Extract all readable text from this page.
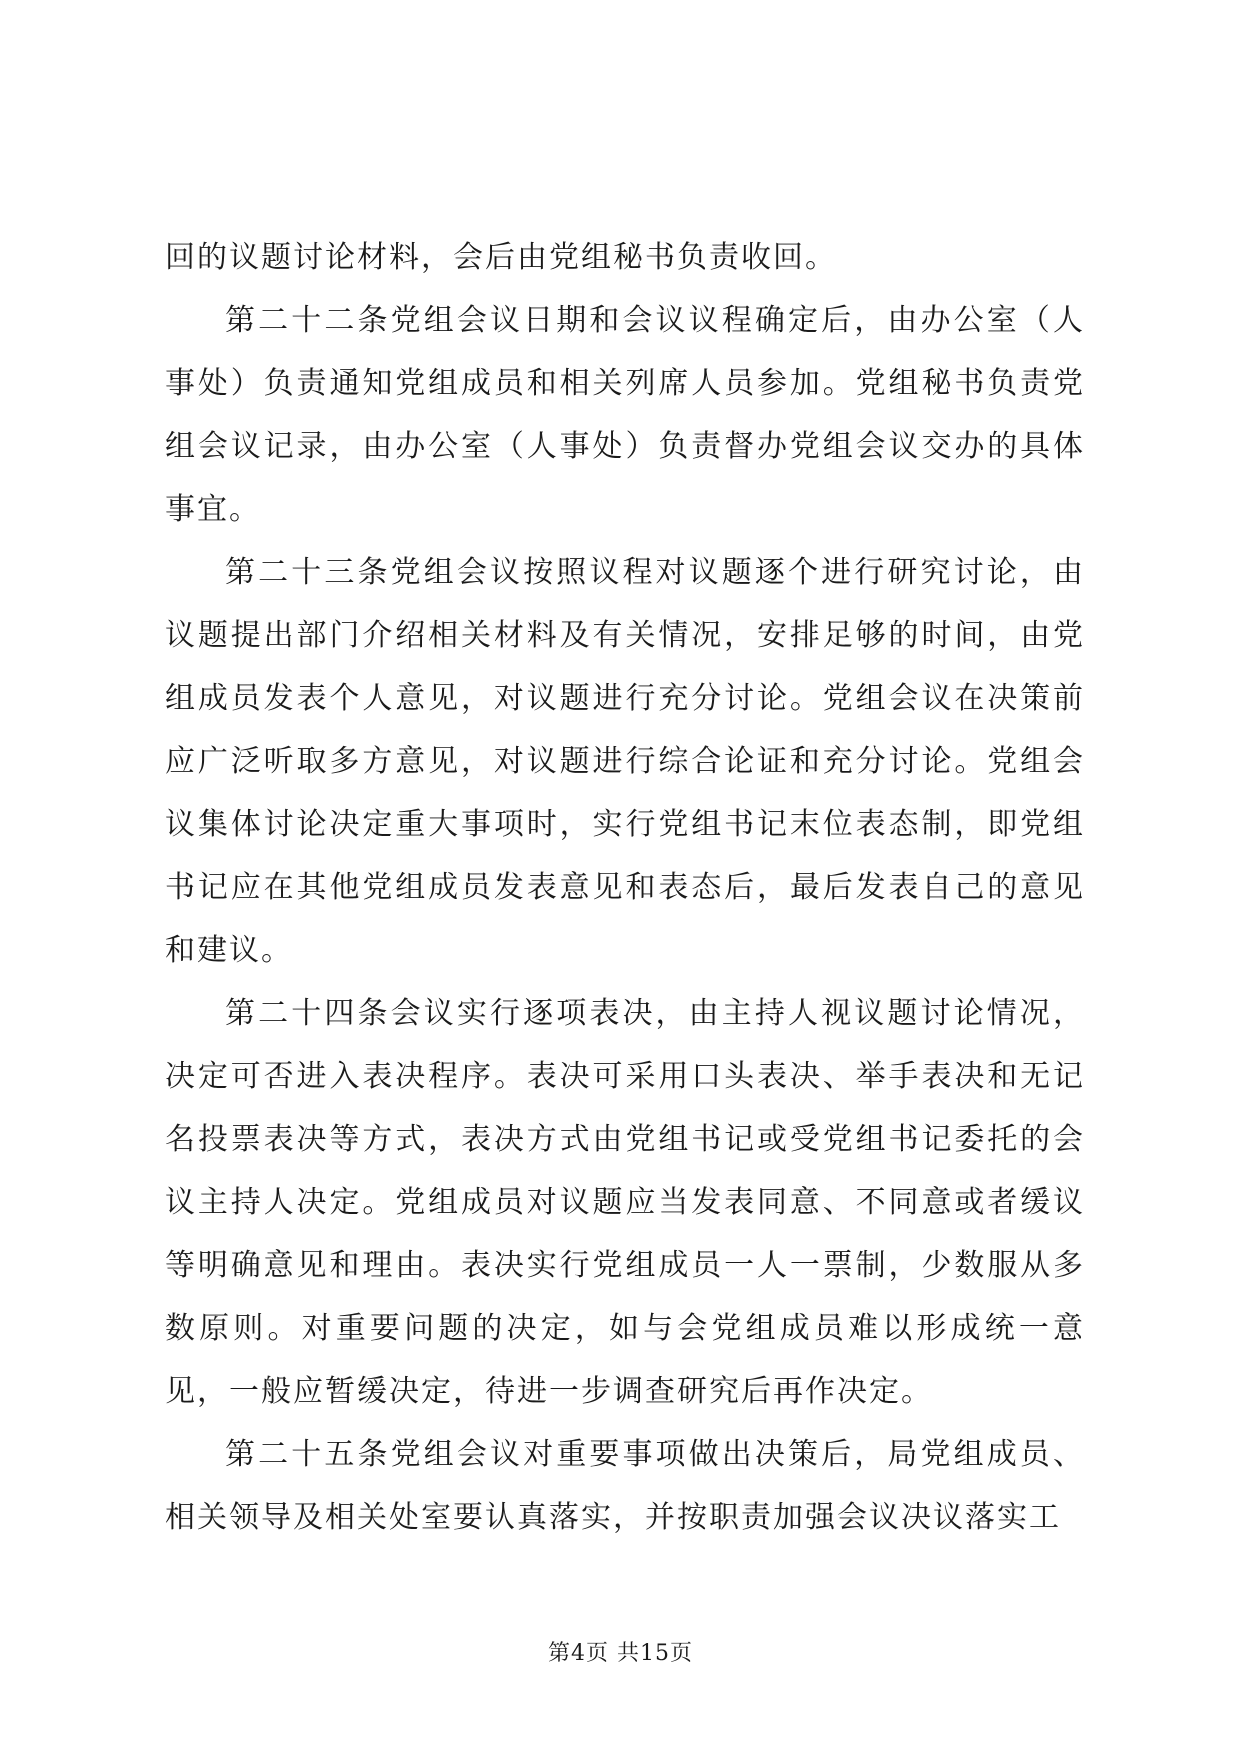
回的议题讨论材料，会后由党组秘书负责收回。

第二十二条党组会议日期和会议议程确定后，由办公室（人事处）负责通知党组成员和相关列席人员参加。党组秘书负责党组会议记录，由办公室（人事处）负责督办党组会议交办的具体事宜。

第二十三条党组会议按照议程对议题逐个进行研究讨论，由议题提出部门介绍相关材料及有关情况，安排足够的时间，由党组成员发表个人意见，对议题进行充分讨论。党组会议在决策前应广泛听取多方意见，对议题进行综合论证和充分讨论。党组会议集体讨论决定重大事项时，实行党组书记末位表态制，即党组书记应在其他党组成员发表意见和表态后，最后发表自己的意见和建议。

第二十四条会议实行逐项表决，由主持人视议题讨论情况，决定可否进入表决程序。表决可采用口头表决、举手表决和无记名投票表决等方式，表决方式由党组书记或受党组书记委托的会议主持人决定。党组成员对议题应当发表同意、不同意或者缓议等明确意见和理由。表决实行党组成员一人一票制，少数服从多数原则。对重要问题的决定，如与会党组成员难以形成统一意见，一般应暂缓决定，待进一步调查研究后再作决定。

第二十五条党组会议对重要事项做出决策后，局党组成员、相关领导及相关处室要认真落实，并按职责加强会议决议落实工

第4页 共15页
